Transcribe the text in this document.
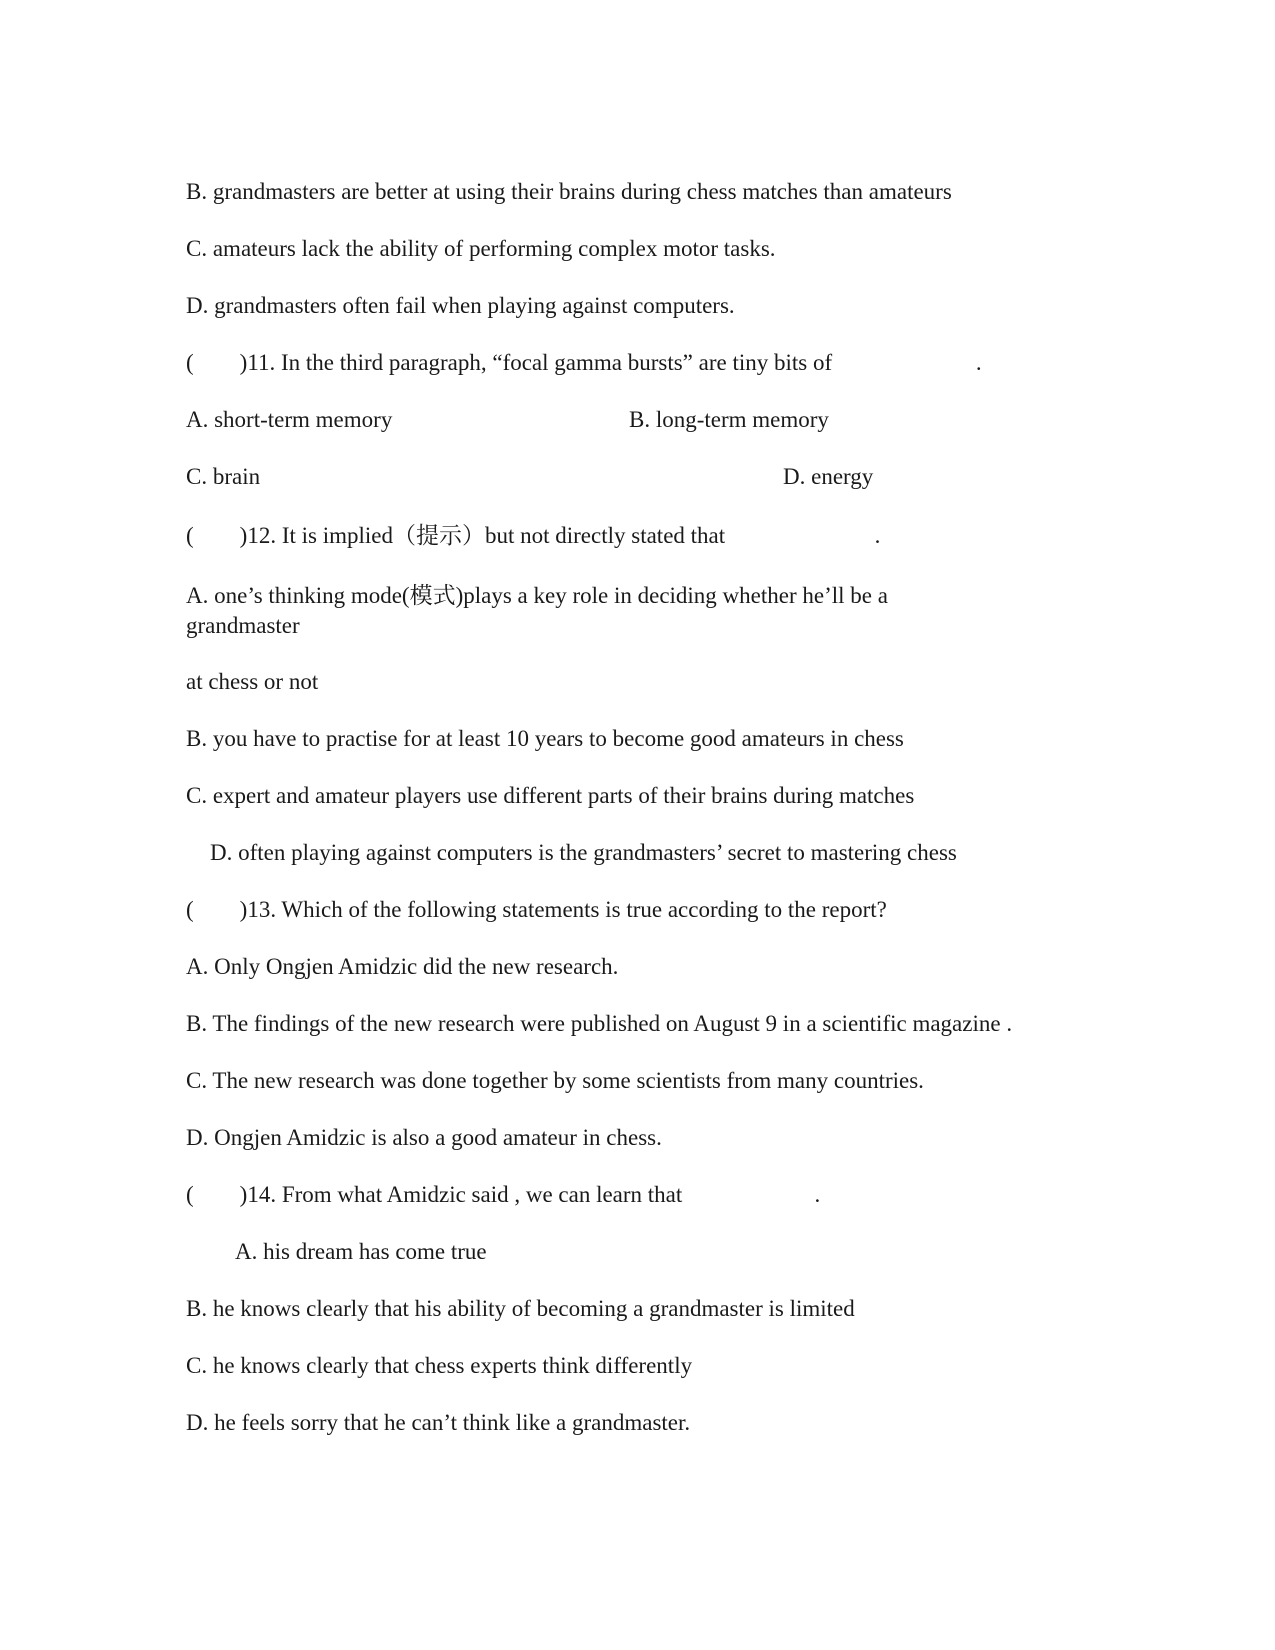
B. grandmasters are better at using their brains during chess matches than amateurs
C. amateurs lack the ability of performing complex motor tasks.
D. grandmasters often fail when playing against computers.
(        )11. In the third paragraph, “focal gamma bursts” are tiny bits of                         .
A. short-term memory	B. long-term memory
C. brain	D. energy
(        )12. It is implied（提示）but not directly stated that                          .
A. one’s thinking mode(模式)plays a key role in deciding whether he’ll be a grandmaster
at chess or not
B. you have to practise for at least 10 years to become good amateurs in chess
C. expert and amateur players use different parts of their brains during matches
D. often playing against computers is the grandmasters’ secret to mastering chess
(        )13. Which of the following statements is true according to the report?
A. Only Ongjen Amidzic did the new research.
B. The findings of the new research were published on August 9 in a scientific magazine .
C. The new research was done together by some scientists from many countries.
D. Ongjen Amidzic is also a good amateur in chess.
(        )14. From what Amidzic said , we can learn that                       .
A. his dream has come true
B. he knows clearly that his ability of becoming a grandmaster is limited
C. he knows clearly that chess experts think differently
D. he feels sorry that he can’t think like a grandmaster.
